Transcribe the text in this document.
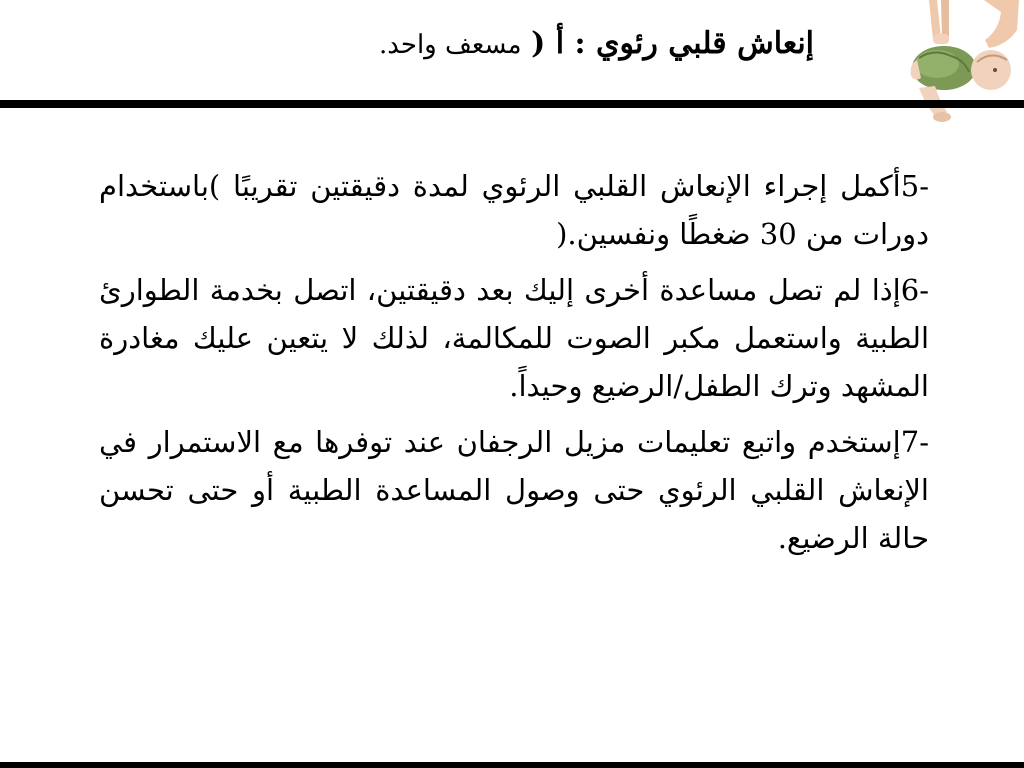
إنعاش قلبي رئوي : أ ( مسعف واحد.

-5أكمل إجراء الإنعاش القلبي الرئوي لمدة دقيقتين تقريبًا )باستخدام دورات من 30 ضغطًا ونفسين.(

-6إذا لم تصل مساعدة أخرى إليك بعد دقيقتين، اتصل بخدمة الطوارئ الطبية واستعمل مكبر الصوت للمكالمة، لذلك لا يتعين عليك مغادرة المشهد وترك الطفل/الرضيع وحيداً.

-7إستخدم واتبع تعليمات مزيل الرجفان عند توفرها مع الاستمرار في الإنعاش القلبي الرئوي حتى وصول المساعدة الطبية أو حتى تحسن حالة الرضيع.
